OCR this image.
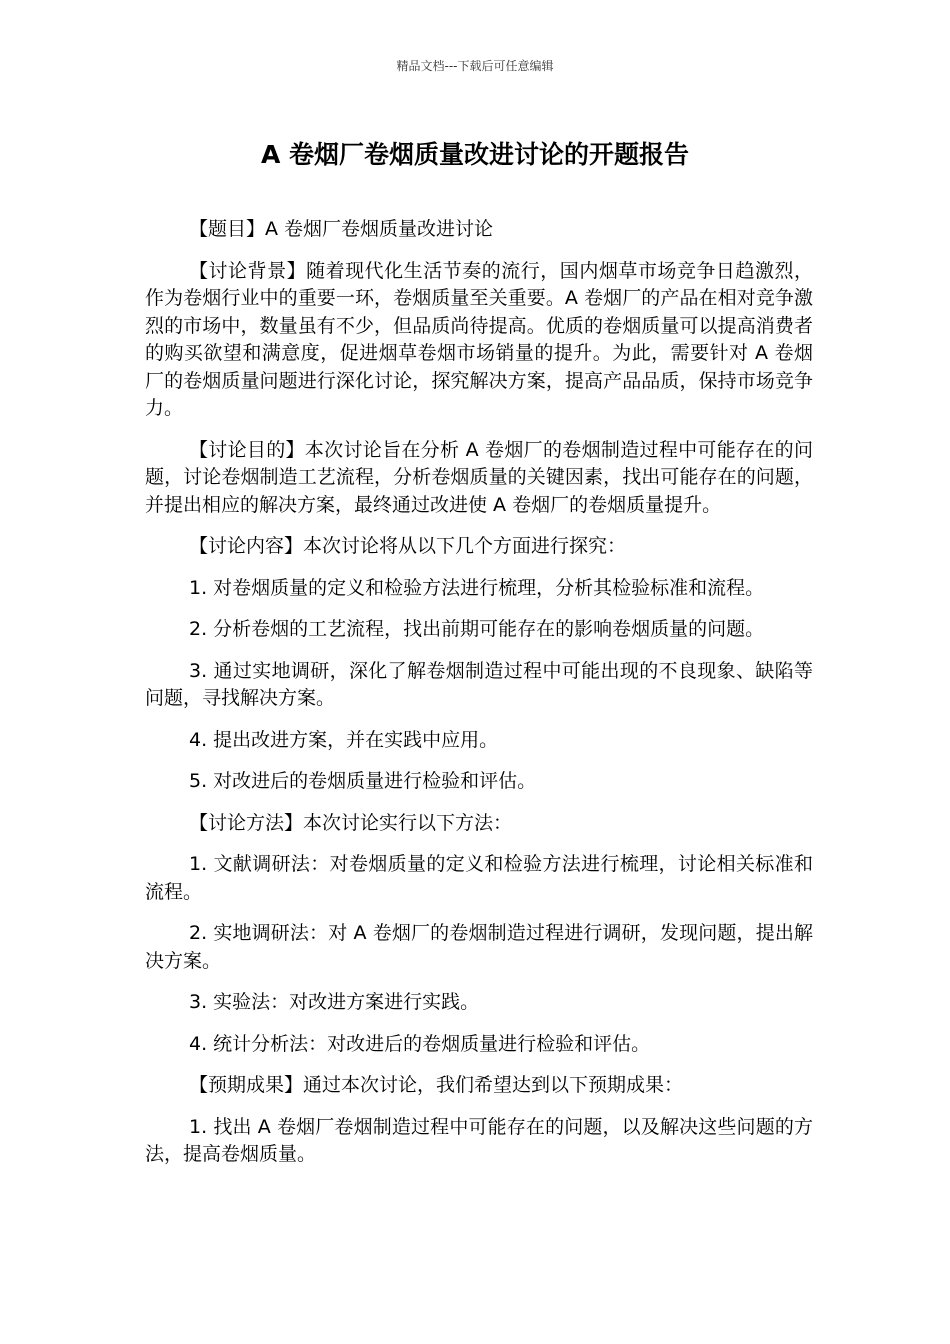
精品文档---下载后可任意编辑
A 卷烟厂卷烟质量改进讨论的开题报告

【题目】A 卷烟厂卷烟质量改进讨论

【讨论背景】随着现代化生活节奏的流行，国内烟草市场竞争日趋激烈，作为卷烟行业中的重要一环，卷烟质量至关重要。A 卷烟厂的产品在相对竞争激烈的市场中，数量虽有不少，但品质尚待提高。优质的卷烟质量可以提高消费者的购买欲望和满意度，促进烟草卷烟市场销量的提升。为此，需要针对 A 卷烟厂的卷烟质量问题进行深化讨论，探究解决方案，提高产品品质，保持市场竞争力。

【讨论目的】本次讨论旨在分析 A 卷烟厂的卷烟制造过程中可能存在的问题，讨论卷烟制造工艺流程，分析卷烟质量的关键因素，找出可能存在的问题，并提出相应的解决方案，最终通过改进使 A 卷烟厂的卷烟质量提升。

【讨论内容】本次讨论将从以下几个方面进行探究：

1. 对卷烟质量的定义和检验方法进行梳理，分析其检验标准和流程。

2. 分析卷烟的工艺流程，找出前期可能存在的影响卷烟质量的问题。

3. 通过实地调研，深化了解卷烟制造过程中可能出现的不良现象、缺陷等问题，寻找解决方案。

4. 提出改进方案，并在实践中应用。

5. 对改进后的卷烟质量进行检验和评估。

【讨论方法】本次讨论实行以下方法：

1. 文献调研法：对卷烟质量的定义和检验方法进行梳理，讨论相关标准和流程。

2. 实地调研法：对 A 卷烟厂的卷烟制造过程进行调研，发现问题，提出解决方案。

3. 实验法：对改进方案进行实践。

4. 统计分析法：对改进后的卷烟质量进行检验和评估。

【预期成果】通过本次讨论，我们希望达到以下预期成果：

1. 找出 A 卷烟厂卷烟制造过程中可能存在的问题，以及解决这些问题的方法，提高卷烟质量。
